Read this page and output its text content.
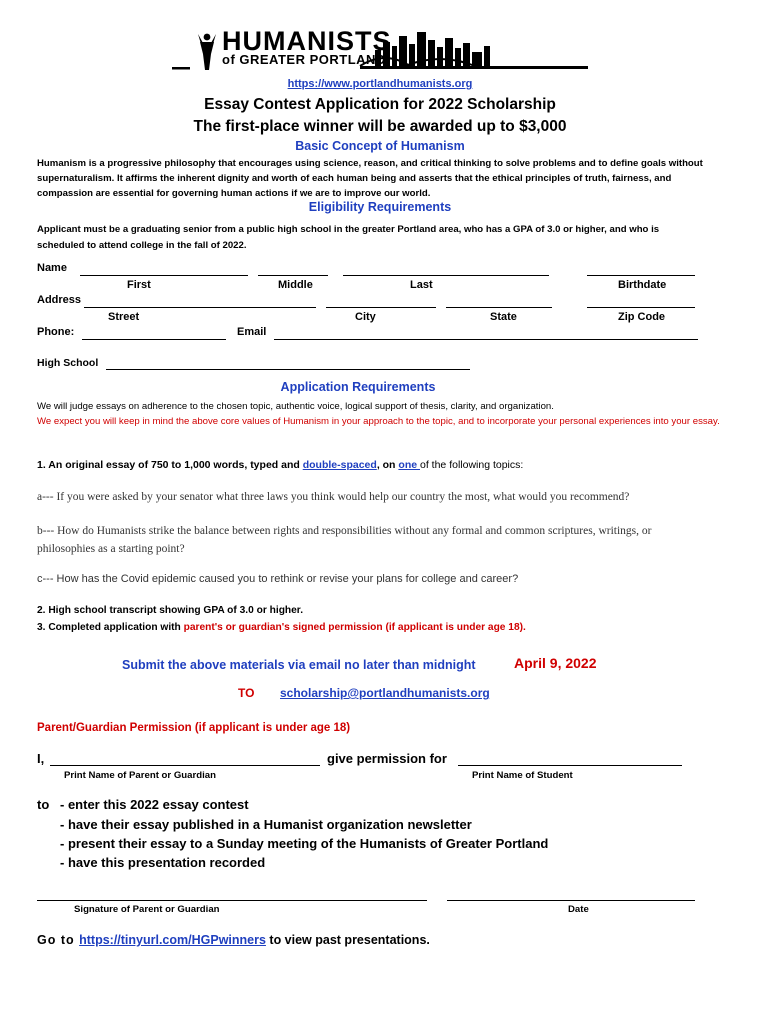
HUMANISTS
of GREATER PORTLAND
https://www.portlandhumanists.org
Essay Contest Application for 2022 Scholarship
The first-place winner will be awarded up to $3,000
Basic Concept of Humanism
Humanism is a progressive philosophy that encourages using science, reason, and critical thinking to solve problems and to define goals without supernaturalism. It affirms the inherent dignity and worth of each human being and asserts that the ethical principles of truth, fairness, and compassion are essential for governing human actions if we are to improve our world.
Eligibility Requirements
Applicant must be a graduating senior from a public high school in the greater Portland area, who has a GPA of 3.0 or higher, and who is scheduled to attend college in the fall of 2022.
Name
First	Middle	Last	Birthdate
Address
Street	City	State	Zip Code
Phone:	Email
High School
Application Requirements
We will judge essays on adherence to the chosen topic, authentic voice, logical support of thesis, clarity, and organization.
We expect you will keep in mind the above core values of Humanism in your approach to the topic, and to incorporate your personal experiences into your essay.
1. An original essay of 750 to 1,000 words, typed and double-spaced, on one of the following topics:
a--- If you were asked by your senator what three laws you think would help our country the most, what would you recommend?
b--- How do Humanists strike the balance between rights and responsibilities without any formal and common scriptures, writings, or philosophies as a starting point?
c--- How has the Covid epidemic caused you to rethink or revise your plans for college and career?
2. High school transcript showing GPA of 3.0 or higher.
3. Completed application with parent's or guardian's signed permission (if applicant is under age 18).
Submit the above materials via email no later than midnight	April 9, 2022
TO scholarship@portlandhumanists.org
Parent/Guardian Permission (if applicant is under age 18)
I,	give permission for
Print Name of Parent or Guardian	Print Name of Student
to - enter this 2022 essay contest
- have their essay published in a Humanist organization newsletter
- present their essay to a Sunday meeting of the Humanists of Greater Portland
- have this presentation recorded
Signature of Parent or Guardian	Date
Go to https://tinyurl.com/HGPwinners to view past presentations.
